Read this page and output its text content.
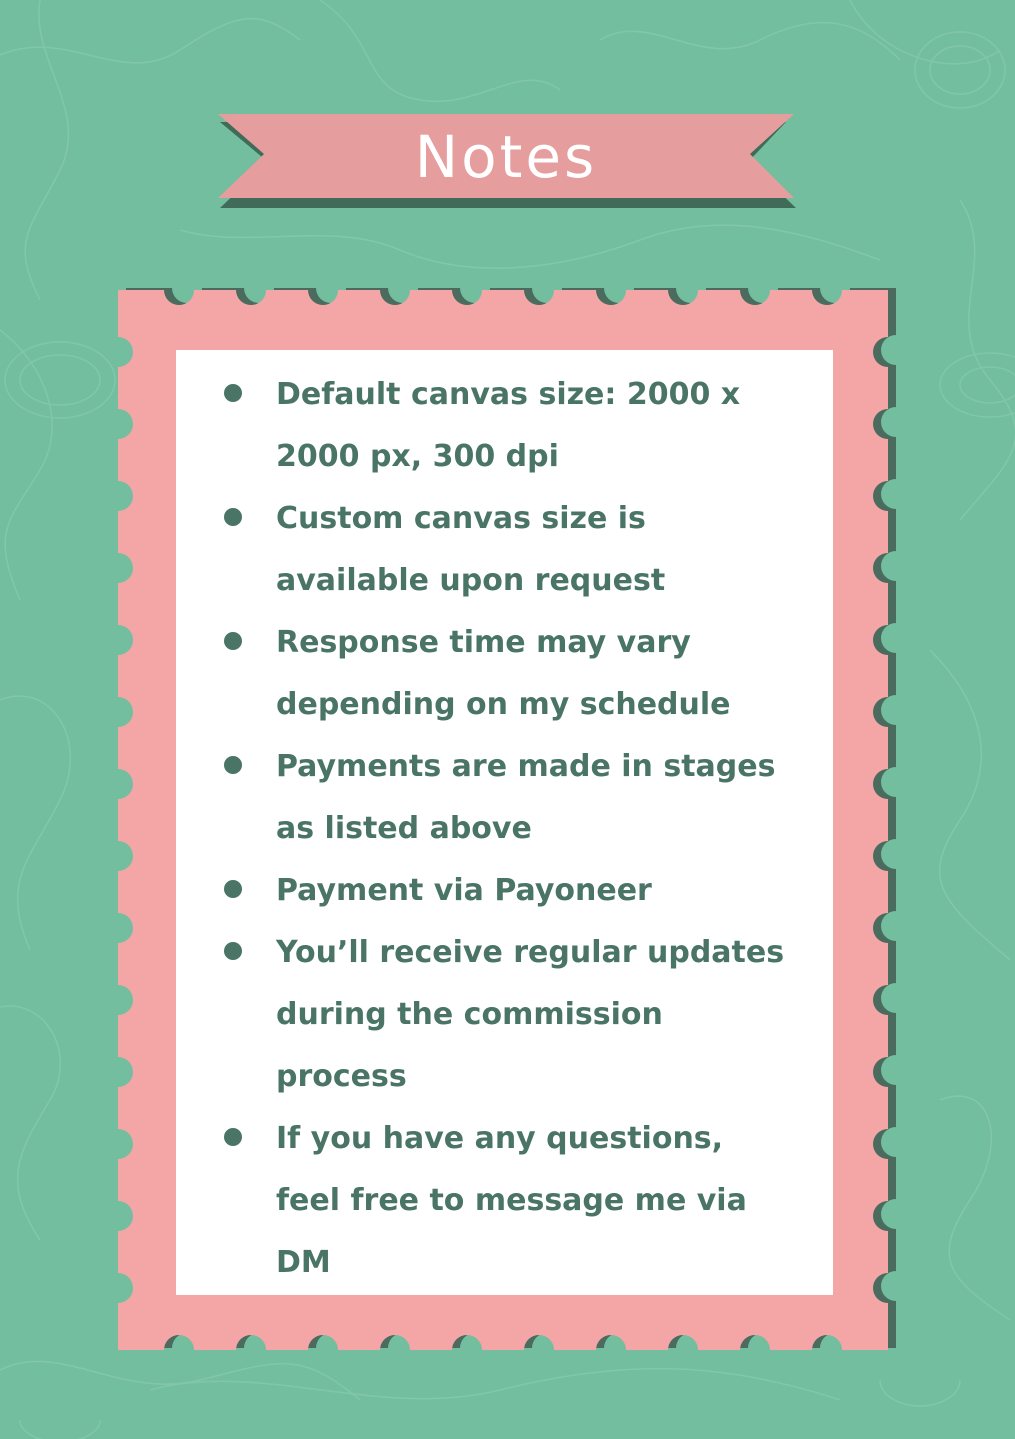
Notes
Default canvas size: 2000 x 2000 px, 300 dpi
Custom canvas size is available upon request
Response time may vary depending on my schedule
Payments are made in stages as listed above
Payment via Payoneer
You’ll receive regular updates during the commission process
If you have any questions, feel free to message me via DM
